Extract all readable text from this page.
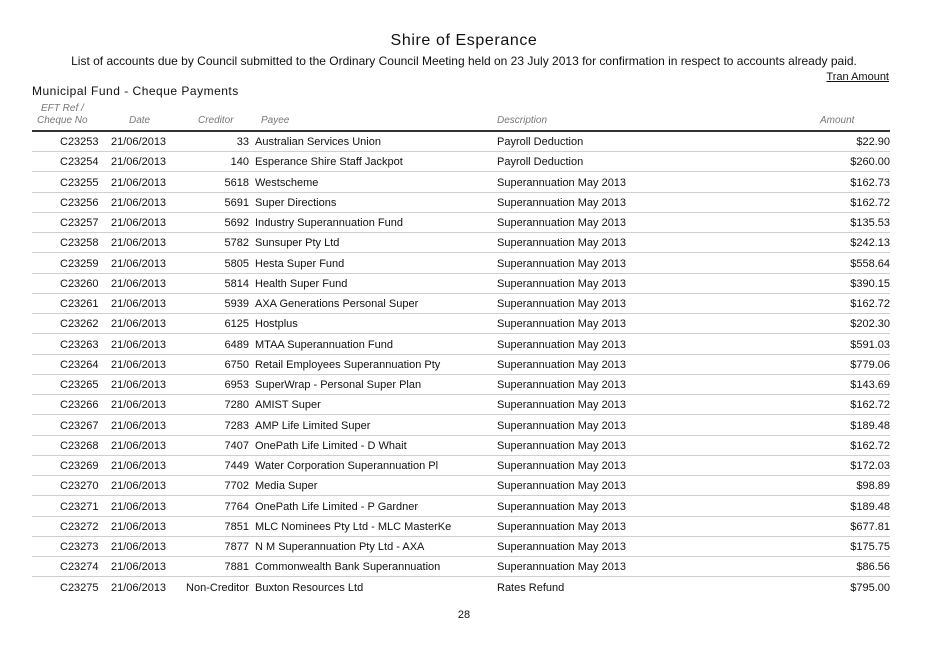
Shire of Esperance
List of accounts due by Council submitted to the Ordinary Council Meeting held on 23 July 2013 for confirmation in respect to accounts already paid.
Tran Amount
Municipal Fund - Cheque Payments
EFT Ref /
Cheque No	Date	Creditor	Payee	Description	Amount
C23253 21/06/2013	33 Australian Services Union	Payroll Deduction	$22.90
C23254 21/06/2013	140 Esperance Shire Staff Jackpot	Payroll Deduction	$260.00
C23255 21/06/2013	5618 Westscheme	Superannuation May 2013	$162.73
C23256 21/06/2013	5691 Super Directions	Superannuation May 2013	$162.72
C23257 21/06/2013	5692 Industry Superannuation Fund	Superannuation May 2013	$135.53
C23258 21/06/2013	5782 Sunsuper Pty Ltd	Superannuation May 2013	$242.13
C23259 21/06/2013	5805 Hesta Super Fund	Superannuation May 2013	$558.64
C23260 21/06/2013	5814 Health Super Fund	Superannuation May 2013	$390.15
C23261 21/06/2013	5939 AXA Generations Personal Super	Superannuation May 2013	$162.72
C23262 21/06/2013	6125 Hostplus	Superannuation May 2013	$202.30
C23263 21/06/2013	6489 MTAA Superannuation Fund	Superannuation May 2013	$591.03
C23264 21/06/2013	6750 Retail Employees Superannuation Pty	Superannuation May 2013	$779.06
C23265 21/06/2013	6953 SuperWrap - Personal Super Plan	Superannuation May 2013	$143.69
C23266 21/06/2013	7280 AMIST Super	Superannuation May 2013	$162.72
C23267 21/06/2013	7283 AMP Life Limited Super	Superannuation May 2013	$189.48
C23268 21/06/2013	7407 OnePath Life Limited - D Whait	Superannuation May 2013	$162.72
C23269 21/06/2013	7449 Water Corporation Superannuation Pl	Superannuation May 2013	$172.03
C23270 21/06/2013	7702 Media Super	Superannuation May 2013	$98.89
C23271 21/06/2013	7764 OnePath Life Limited - P Gardner	Superannuation May 2013	$189.48
C23272 21/06/2013	7851 MLC Nominees Pty Ltd - MLC MasterKe	Superannuation May 2013	$677.81
C23273 21/06/2013	7877 N M Superannuation Pty Ltd - AXA	Superannuation May 2013	$175.75
C23274 21/06/2013	7881 Commonwealth Bank Superannuation	Superannuation May 2013	$86.56
C23275 21/06/2013 Non-Creditor Buxton Resources Ltd	Rates Refund	$795.00
28
